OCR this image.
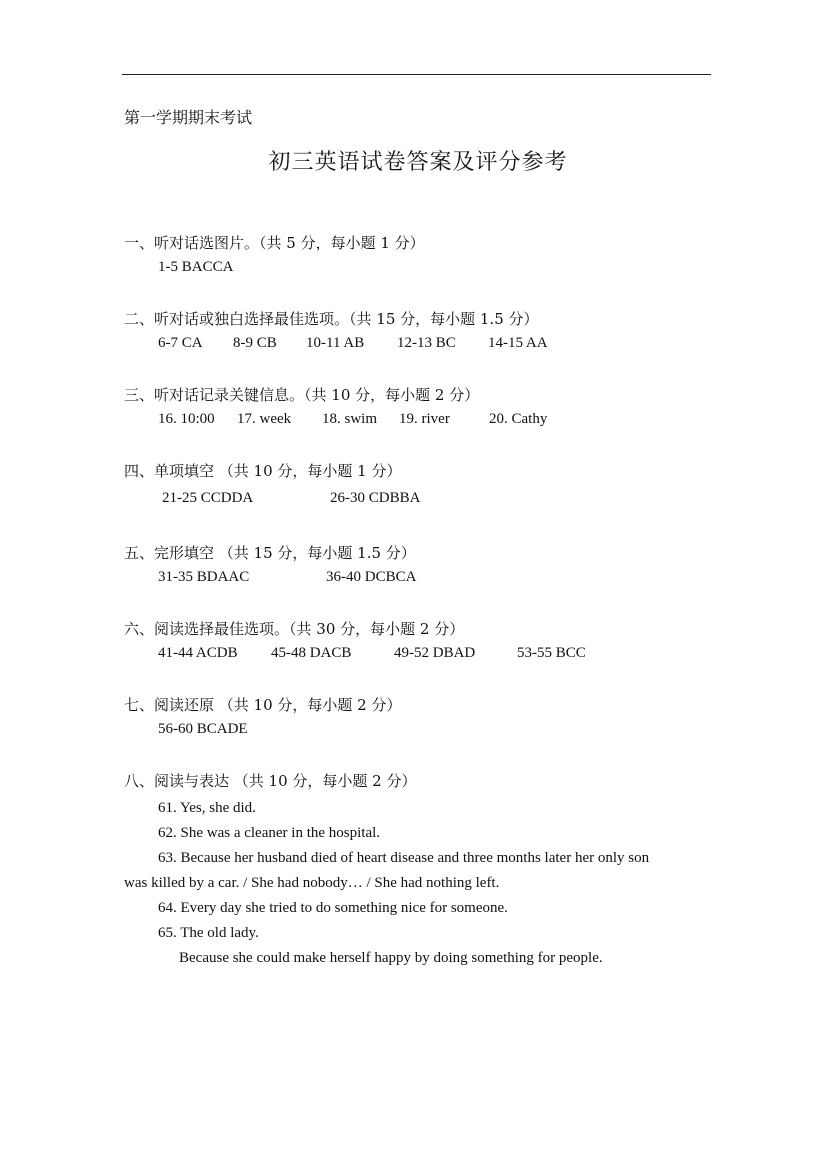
第一学期期末考试
初三英语试卷答案及评分参考
一、听对话选图片。（共 5 分，每小题 1 分）
1-5 BACCA
二、听对话或独白选择最佳选项。（共 15 分，每小题 1.5 分）
6-7 CA 8-9 CB 10-11 AB 12-13 BC 14-15 AA
三、听对话记录关键信息。（共 10 分，每小题 2 分）
16. 10:00 17. week 18. swim 19. river	20. Cathy
四、单项填空 （共 10 分，每小题 1 分）
21-25 CCDDA	26-30 CDBBA
五、完形填空 （共 15 分，每小题 1.5 分）
31-35 BDAAC	36-40 DCBCA
六、阅读选择最佳选项。（共 30 分，每小题 2 分）
41-44 ACDB 45-48 DACB	49-52 DBAD	53-55 BCC
七、阅读还原 （共 10 分，每小题 2 分）
56-60 BCADE
八、阅读与表达 （共 10 分，每小题 2 分）
61. Yes, she did.
62. She was a cleaner in the hospital.
63. Because her husband died of heart disease and three months later her only son
was killed by a car. / She had nobody… / She had nothing left.
64. Every day she tried to do something nice for someone.
65. The old lady.
Because she could make herself happy by doing something for people.
